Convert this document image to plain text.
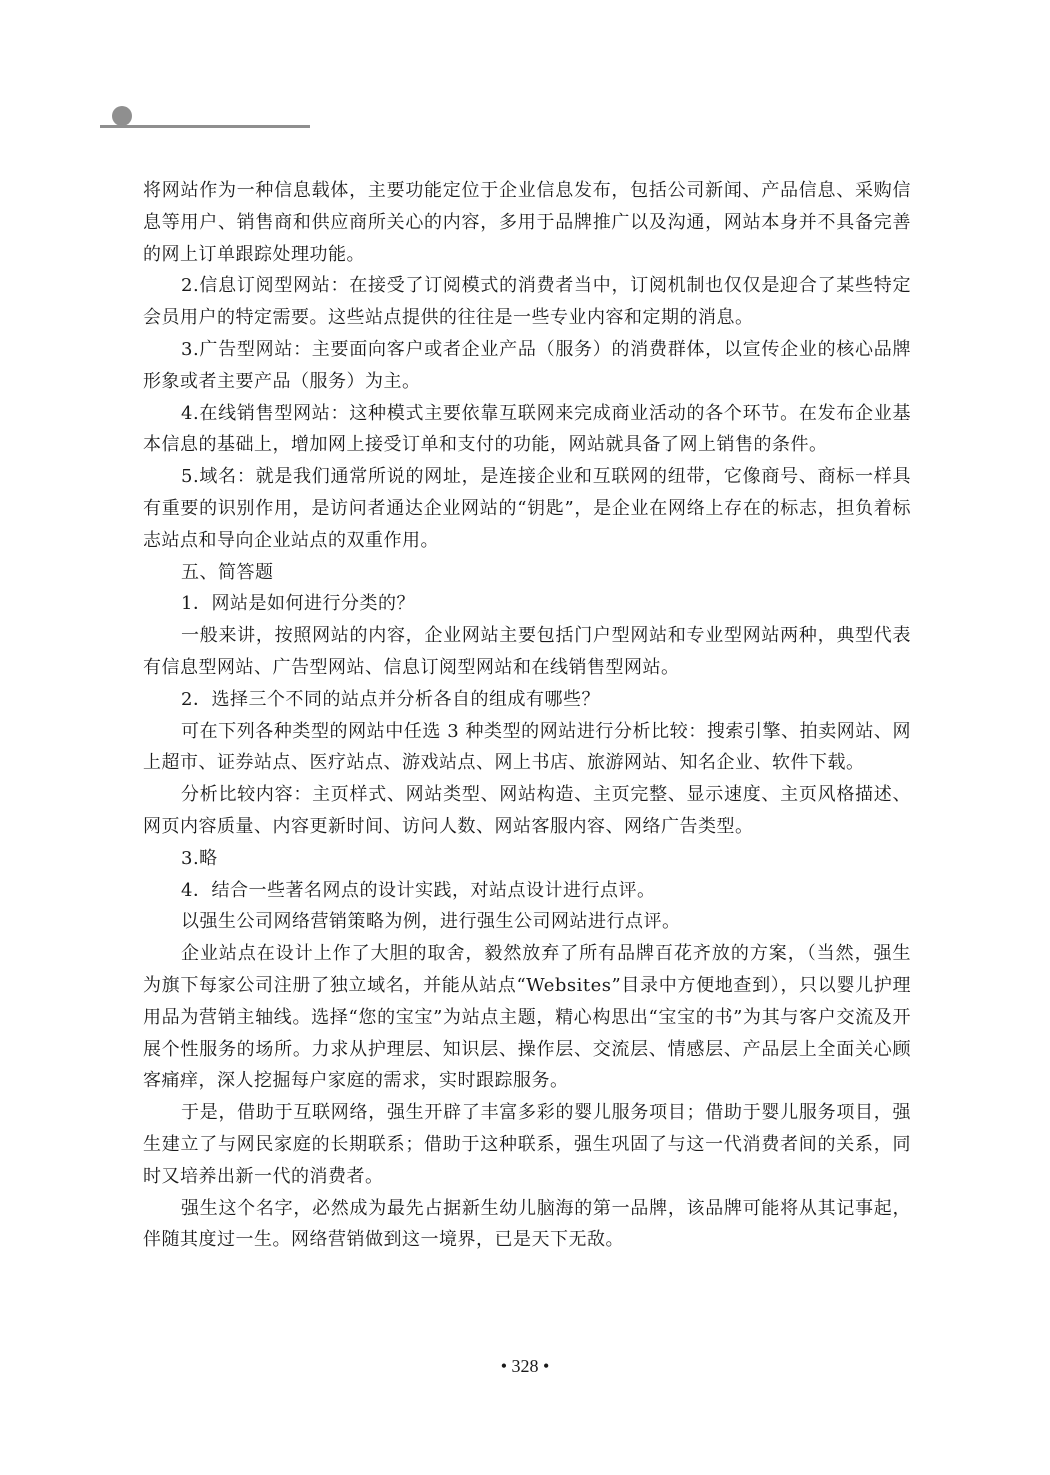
将网站作为一种信息载体，主要功能定位于企业信息发布，包括公司新闻、产品信息、采购信息等用户、销售商和供应商所关心的内容，多用于品牌推广以及沟通，网站本身并不具备完善的网上订单跟踪处理功能。

2.信息订阅型网站：在接受了订阅模式的消费者当中，订阅机制也仅仅是迎合了某些特定会员用户的特定需要。这些站点提供的往往是一些专业内容和定期的消息。

3.广告型网站：主要面向客户或者企业产品（服务）的消费群体，以宣传企业的核心品牌形象或者主要产品（服务）为主。

4.在线销售型网站：这种模式主要依靠互联网来完成商业活动的各个环节。在发布企业基本信息的基础上，增加网上接受订单和支付的功能，网站就具备了网上销售的条件。

5.域名：就是我们通常所说的网址，是连接企业和互联网的纽带，它像商号、商标一样具有重要的识别作用，是访问者通达企业网站的“钥匙”，是企业在网络上存在的标志，担负着标志站点和导向企业站点的双重作用。

五、简答题

1．网站是如何进行分类的？

一般来讲，按照网站的内容，企业网站主要包括门户型网站和专业型网站两种，典型代表有信息型网站、广告型网站、信息订阅型网站和在线销售型网站。

2．选择三个不同的站点并分析各自的组成有哪些？

可在下列各种类型的网站中任选 3 种类型的网站进行分析比较：搜索引擎、拍卖网站、网上超市、证券站点、医疗站点、游戏站点、网上书店、旅游网站、知名企业、软件下载。

分析比较内容：主页样式、网站类型、网站构造、主页完整、显示速度、主页风格描述、网页内容质量、内容更新时间、访问人数、网站客服内容、网络广告类型。

3.略

4．结合一些著名网点的设计实践，对站点设计进行点评。

以强生公司网络营销策略为例，进行强生公司网站进行点评。

企业站点在设计上作了大胆的取舍，毅然放弃了所有品牌百花齐放的方案，（当然，强生为旗下每家公司注册了独立域名，并能从站点“Websites”目录中方便地查到），只以婴儿护理用品为营销主轴线。选择“您的宝宝”为站点主题，精心构思出“宝宝的书”为其与客户交流及开展个性服务的场所。力求从护理层、知识层、操作层、交流层、情感层、产品层上全面关心顾客痛痒，深人挖掘每户家庭的需求，实时跟踪服务。

于是，借助于互联网络，强生开辟了丰富多彩的婴儿服务项目；借助于婴儿服务项目，强生建立了与网民家庭的长期联系；借助于这种联系，强生巩固了与这一代消费者间的关系，同时又培养出新一代的消费者。

强生这个名字，必然成为最先占据新生幼儿脑海的第一品牌，该品牌可能将从其记事起，伴随其度过一生。网络营销做到这一境界，已是天下无敌。

• 328 •
